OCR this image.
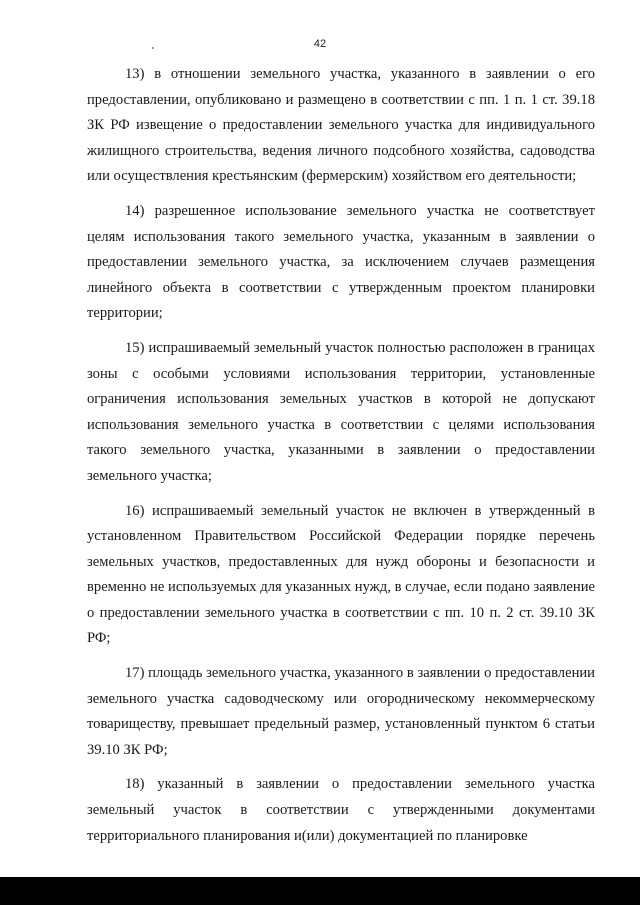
42

13) в отношении земельного участка, указанного в заявлении о его предоставлении, опубликовано и размещено в соответствии с пп. 1 п. 1 ст. 39.18 ЗК РФ извещение о предоставлении земельного участка для индивидуального жилищного строительства, ведения личного подсобного хозяйства, садоводства или осуществления крестьянским (фермерским) хозяйством его деятельности;

14) разрешенное использование земельного участка не соответствует целям использования такого земельного участка, указанным в заявлении о предоставлении земельного участка, за исключением случаев размещения линейного объекта в соответствии с утвержденным проектом планировки территории;

15) испрашиваемый земельный участок полностью расположен в границах зоны с особыми условиями использования территории, установленные ограничения использования земельных участков в которой не допускают использования земельного участка в соответствии с целями использования такого земельного участка, указанными в заявлении о предоставлении земельного участка;

16) испрашиваемый земельный участок не включен в утвержденный в установленном Правительством Российской Федерации порядке перечень земельных участков, предоставленных для нужд обороны и безопасности и временно не используемых для указанных нужд, в случае, если подано заявление о предоставлении земельного участка в соответствии с пп. 10 п. 2 ст. 39.10 ЗК РФ;

17) площадь земельного участка, указанного в заявлении о предоставлении земельного участка садоводческому или огородническому некоммерческому товариществу, превышает предельный размер, установленный пунктом 6 статьи 39.10 ЗК РФ;

18) указанный в заявлении о предоставлении земельного участка земельный участок в соответствии с утвержденными документами территориального планирования и(или) документацией по планировке
